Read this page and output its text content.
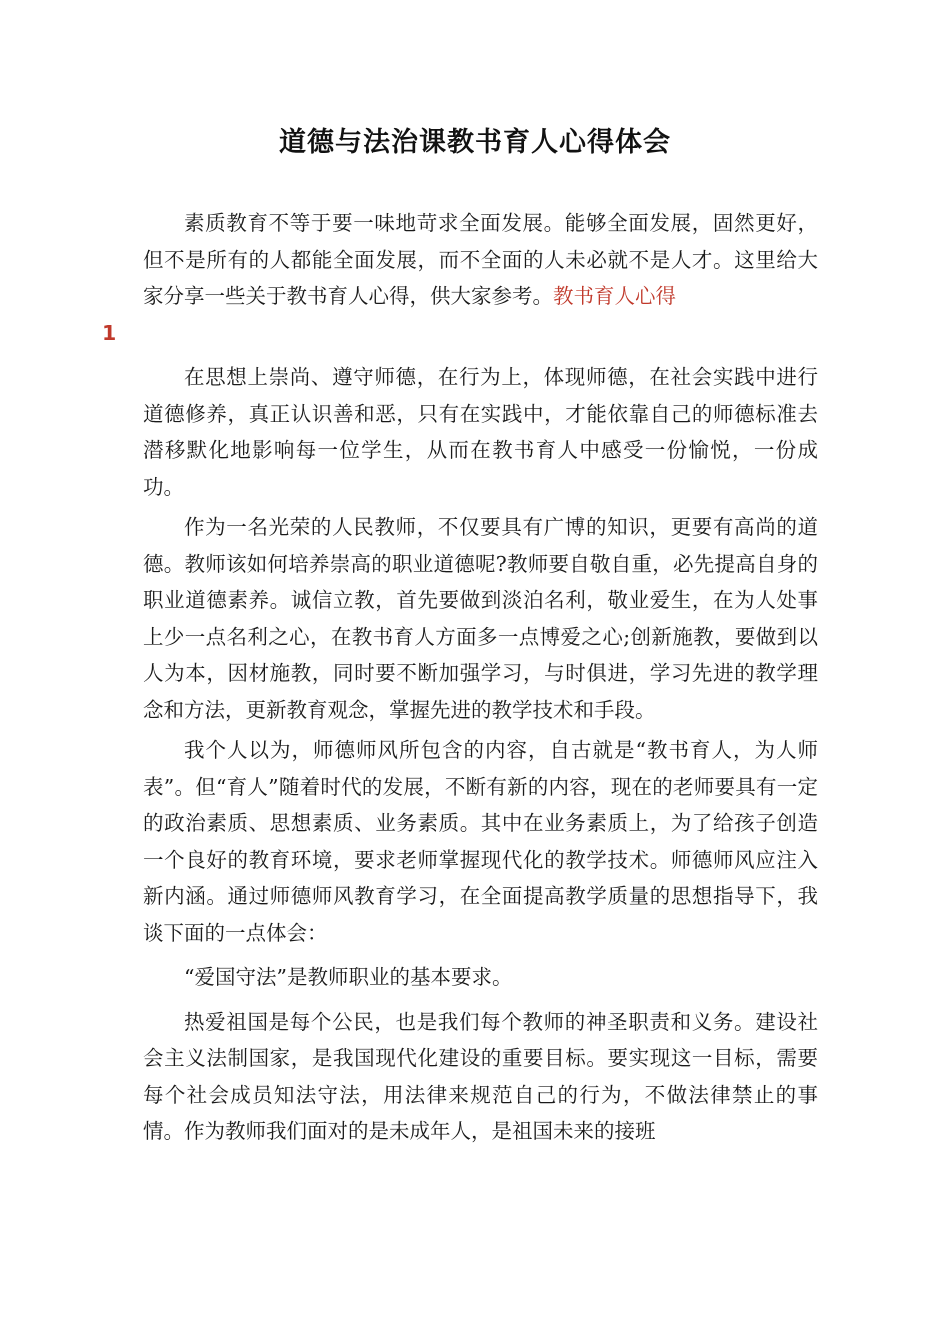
道德与法治课教书育人心得体会

素质教育不等于要一味地苛求全面发展。能够全面发展，固然更好，但不是所有的人都能全面发展，而不全面的人未必就不是人才。这里给大家分享一些关于教书育人心得，供大家参考。教书育人心得
1

在思想上崇尚、遵守师德，在行为上，体现师德，在社会实践中进行道德修养，真正认识善和恶，只有在实践中，才能依靠自己的师德标准去潜移默化地影响每一位学生，从而在教书育人中感受一份愉悦，一份成功。

作为一名光荣的人民教师，不仅要具有广博的知识，更要有高尚的道德。教师该如何培养崇高的职业道德呢?教师要自敬自重，必先提高自身的职业道德素养。诚信立教，首先要做到淡泊名利，敬业爱生，在为人处事上少一点名利之心，在教书育人方面多一点博爱之心;创新施教，要做到以人为本，因材施教，同时要不断加强学习，与时俱进，学习先进的教学理念和方法，更新教育观念，掌握先进的教学技术和手段。

我个人以为，师德师风所包含的内容，自古就是“教书育人，为人师表”。但“育人”随着时代的发展，不断有新的内容，现在的老师要具有一定的政治素质、思想素质、业务素质。其中在业务素质上，为了给孩子创造一个良好的教育环境，要求老师掌握现代化的教学技术。师德师风应注入新内涵。通过师德师风教育学习，在全面提高教学质量的思想指导下，我谈下面的一点体会：

“爱国守法”是教师职业的基本要求。

热爱祖国是每个公民，也是我们每个教师的神圣职责和义务。建设社会主义法制国家，是我国现代化建设的重要目标。要实现这一目标，需要每个社会成员知法守法，用法律来规范自己的行为，不做法律禁止的事情。作为教师我们面对的是未成年人，是祖国未来的接班
